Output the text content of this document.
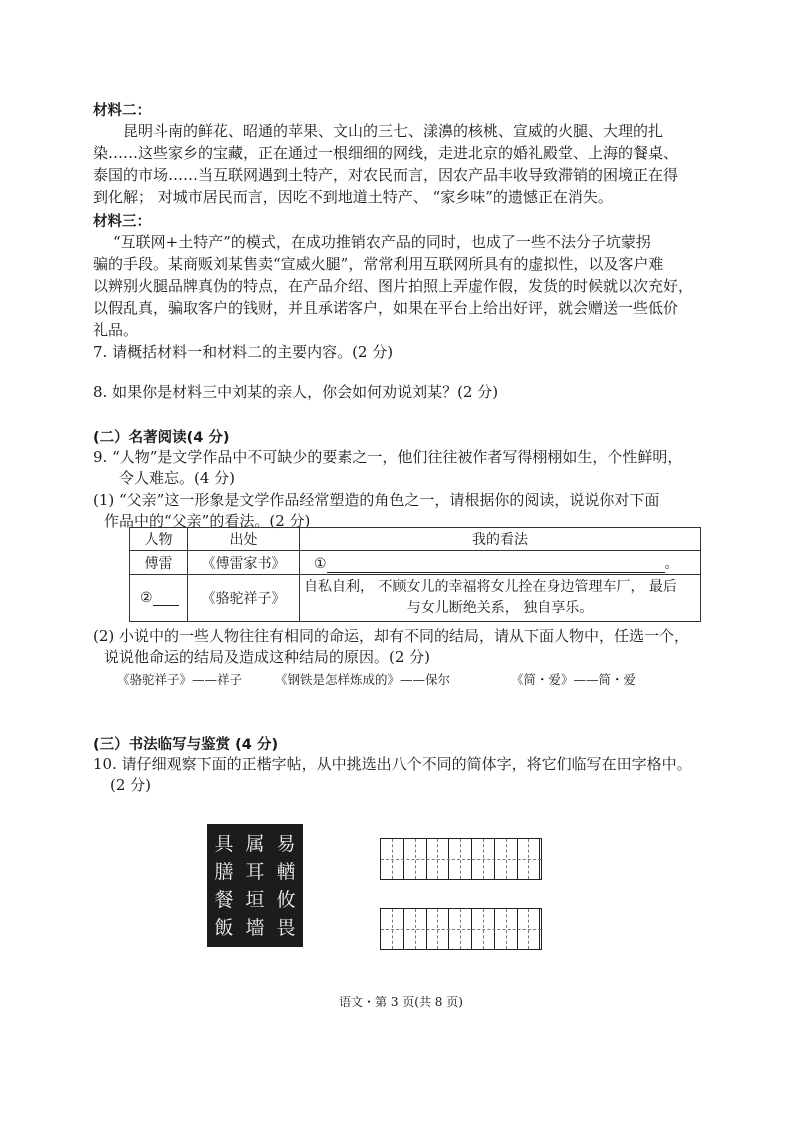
材料二：
昆明斗南的鲜花、昭通的苹果、文山的三七、漾濞的核桃、宣威的火腿、大理的扎
染……这些家乡的宝藏，正在通过一根细细的网线，走进北京的婚礼殿堂、上海的餐桌、
泰国的市场……当互联网遇到土特产，对农民而言，因农产品丰收导致滞销的困境正在得
到化解； 对城市居民而言，因吃不到地道土特产、 “家乡味”的遗憾正在消失。
材料三：
“互联网+土特产”的模式，在成功推销农产品的同时，也成了一些不法分子坑蒙拐
骗的手段。某商贩刘某售卖“宣威火腿”，常常利用互联网所具有的虚拟性，以及客户难
以辨别火腿品牌真伪的特点，在产品介绍、图片拍照上弄虚作假，发货的时候就以次充好，
以假乱真，骗取客户的钱财，并且承诺客户，如果在平台上给出好评，就会赠送一些低价
礼品。
7. 请概括材料一和材料二的主要内容。(2 分)
8. 如果你是材料三中刘某的亲人，你会如何劝说刘某？(2 分)
(二）名著阅读(4 分)
9. “人物”是文学作品中不可缺少的要素之一，他们往往被作者写得栩栩如生，个性鲜明，
令人难忘。(4 分)
(1) “父亲”这一形象是文学作品经常塑造的角色之一，请根据你的阅读，说说你对下面
作品中的“父亲”的看法。(2 分)
人物	出处	我的看法
傅雷	《傅雷家书》	① 。
②	《骆驼祥子》	自私自利， 不顾女儿的幸福将女儿拴在身边管理车厂， 最后
与女儿断绝关系， 独自享乐。
(2) 小说中的一些人物往往有相同的命运，却有不同的结局，请从下面人物中，任选一个，
说说他命运的结局及造成这种结局的原因。(2 分)
《骆驼祥子》——祥子	《钢铁是怎样炼成的》——保尔	《简・爱》——简・爱
(三）书法临写与鉴赏 (4 分)
10. 请仔细观察下面的正楷字帖，从中挑选出八个不同的简体字，将它们临写在田字格中。
(2 分)
易
輶
攸
畏
属
耳
垣
墻
具
膳
餐
飯
语文・第 3 页(共 8 页)
